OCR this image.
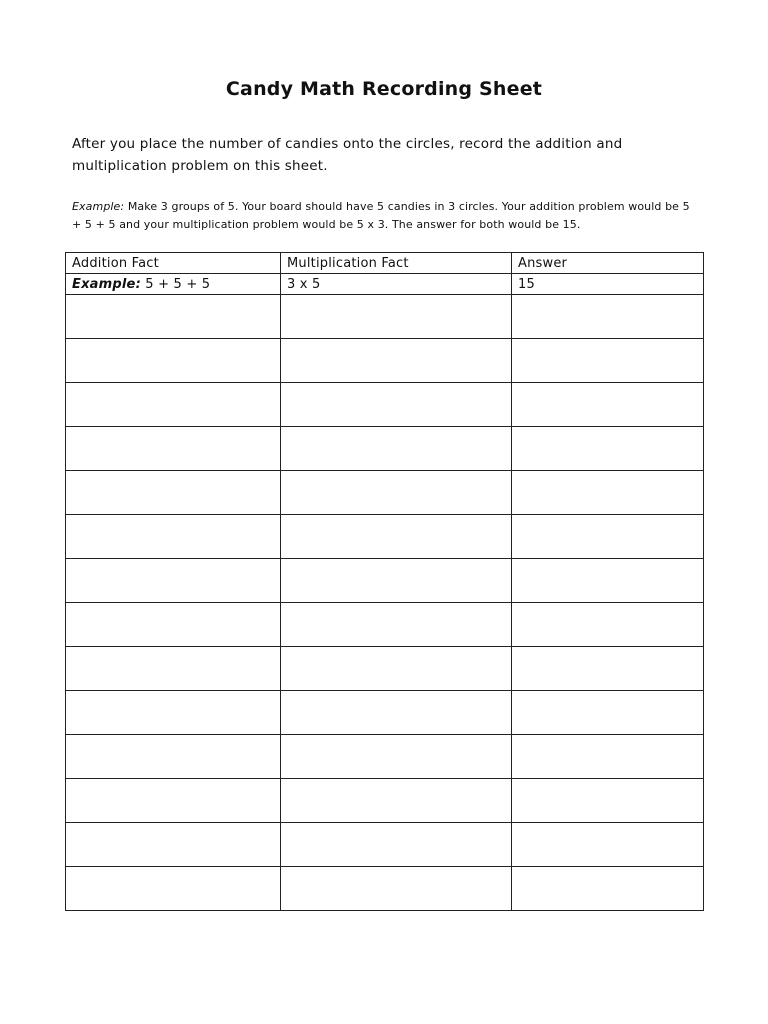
Candy Math Recording Sheet

After you place the number of candies onto the circles, record the addition and multiplication problem on this sheet.

Example: Make 3 groups of 5. Your board should have 5 candies in 3 circles. Your addition problem would be 5 + 5 + 5 and your multiplication problem would be 5 x 3. The answer for both would be 15.

Addition Fact	Multiplication Fact	Answer
Example: 5 + 5 + 5	3 x 5	15
